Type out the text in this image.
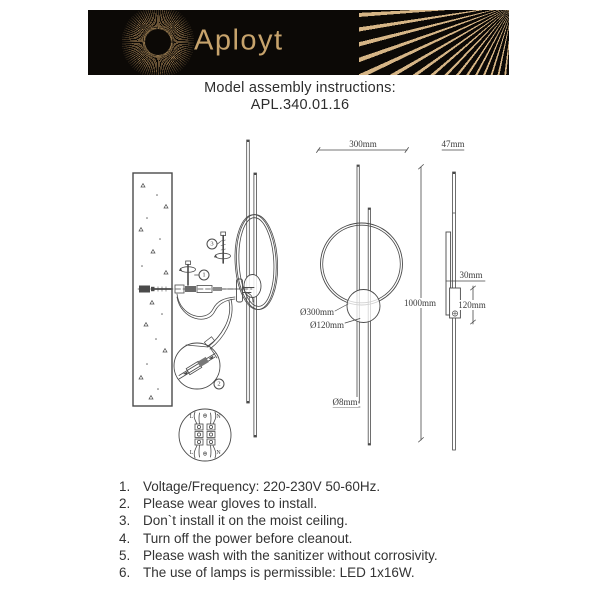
Aployt
Model assembly instructions:
APL.340.01.16
300mm	47mm
1000mm
Ø300mm
Ø120mm
Ø8mm
30mm
120mm
1
2
3
L ⊕ N
L ⊕ N
1. Voltage/Frequency: 220-230V 50-60Hz.
2. Please wear gloves to install.
3. Don`t install it on the moist ceiling.
4. Turn off the power before cleanout.
5. Please wash with the sanitizer without corrosivity.
6. The use of lamps is permissible: LED 1x16W.
